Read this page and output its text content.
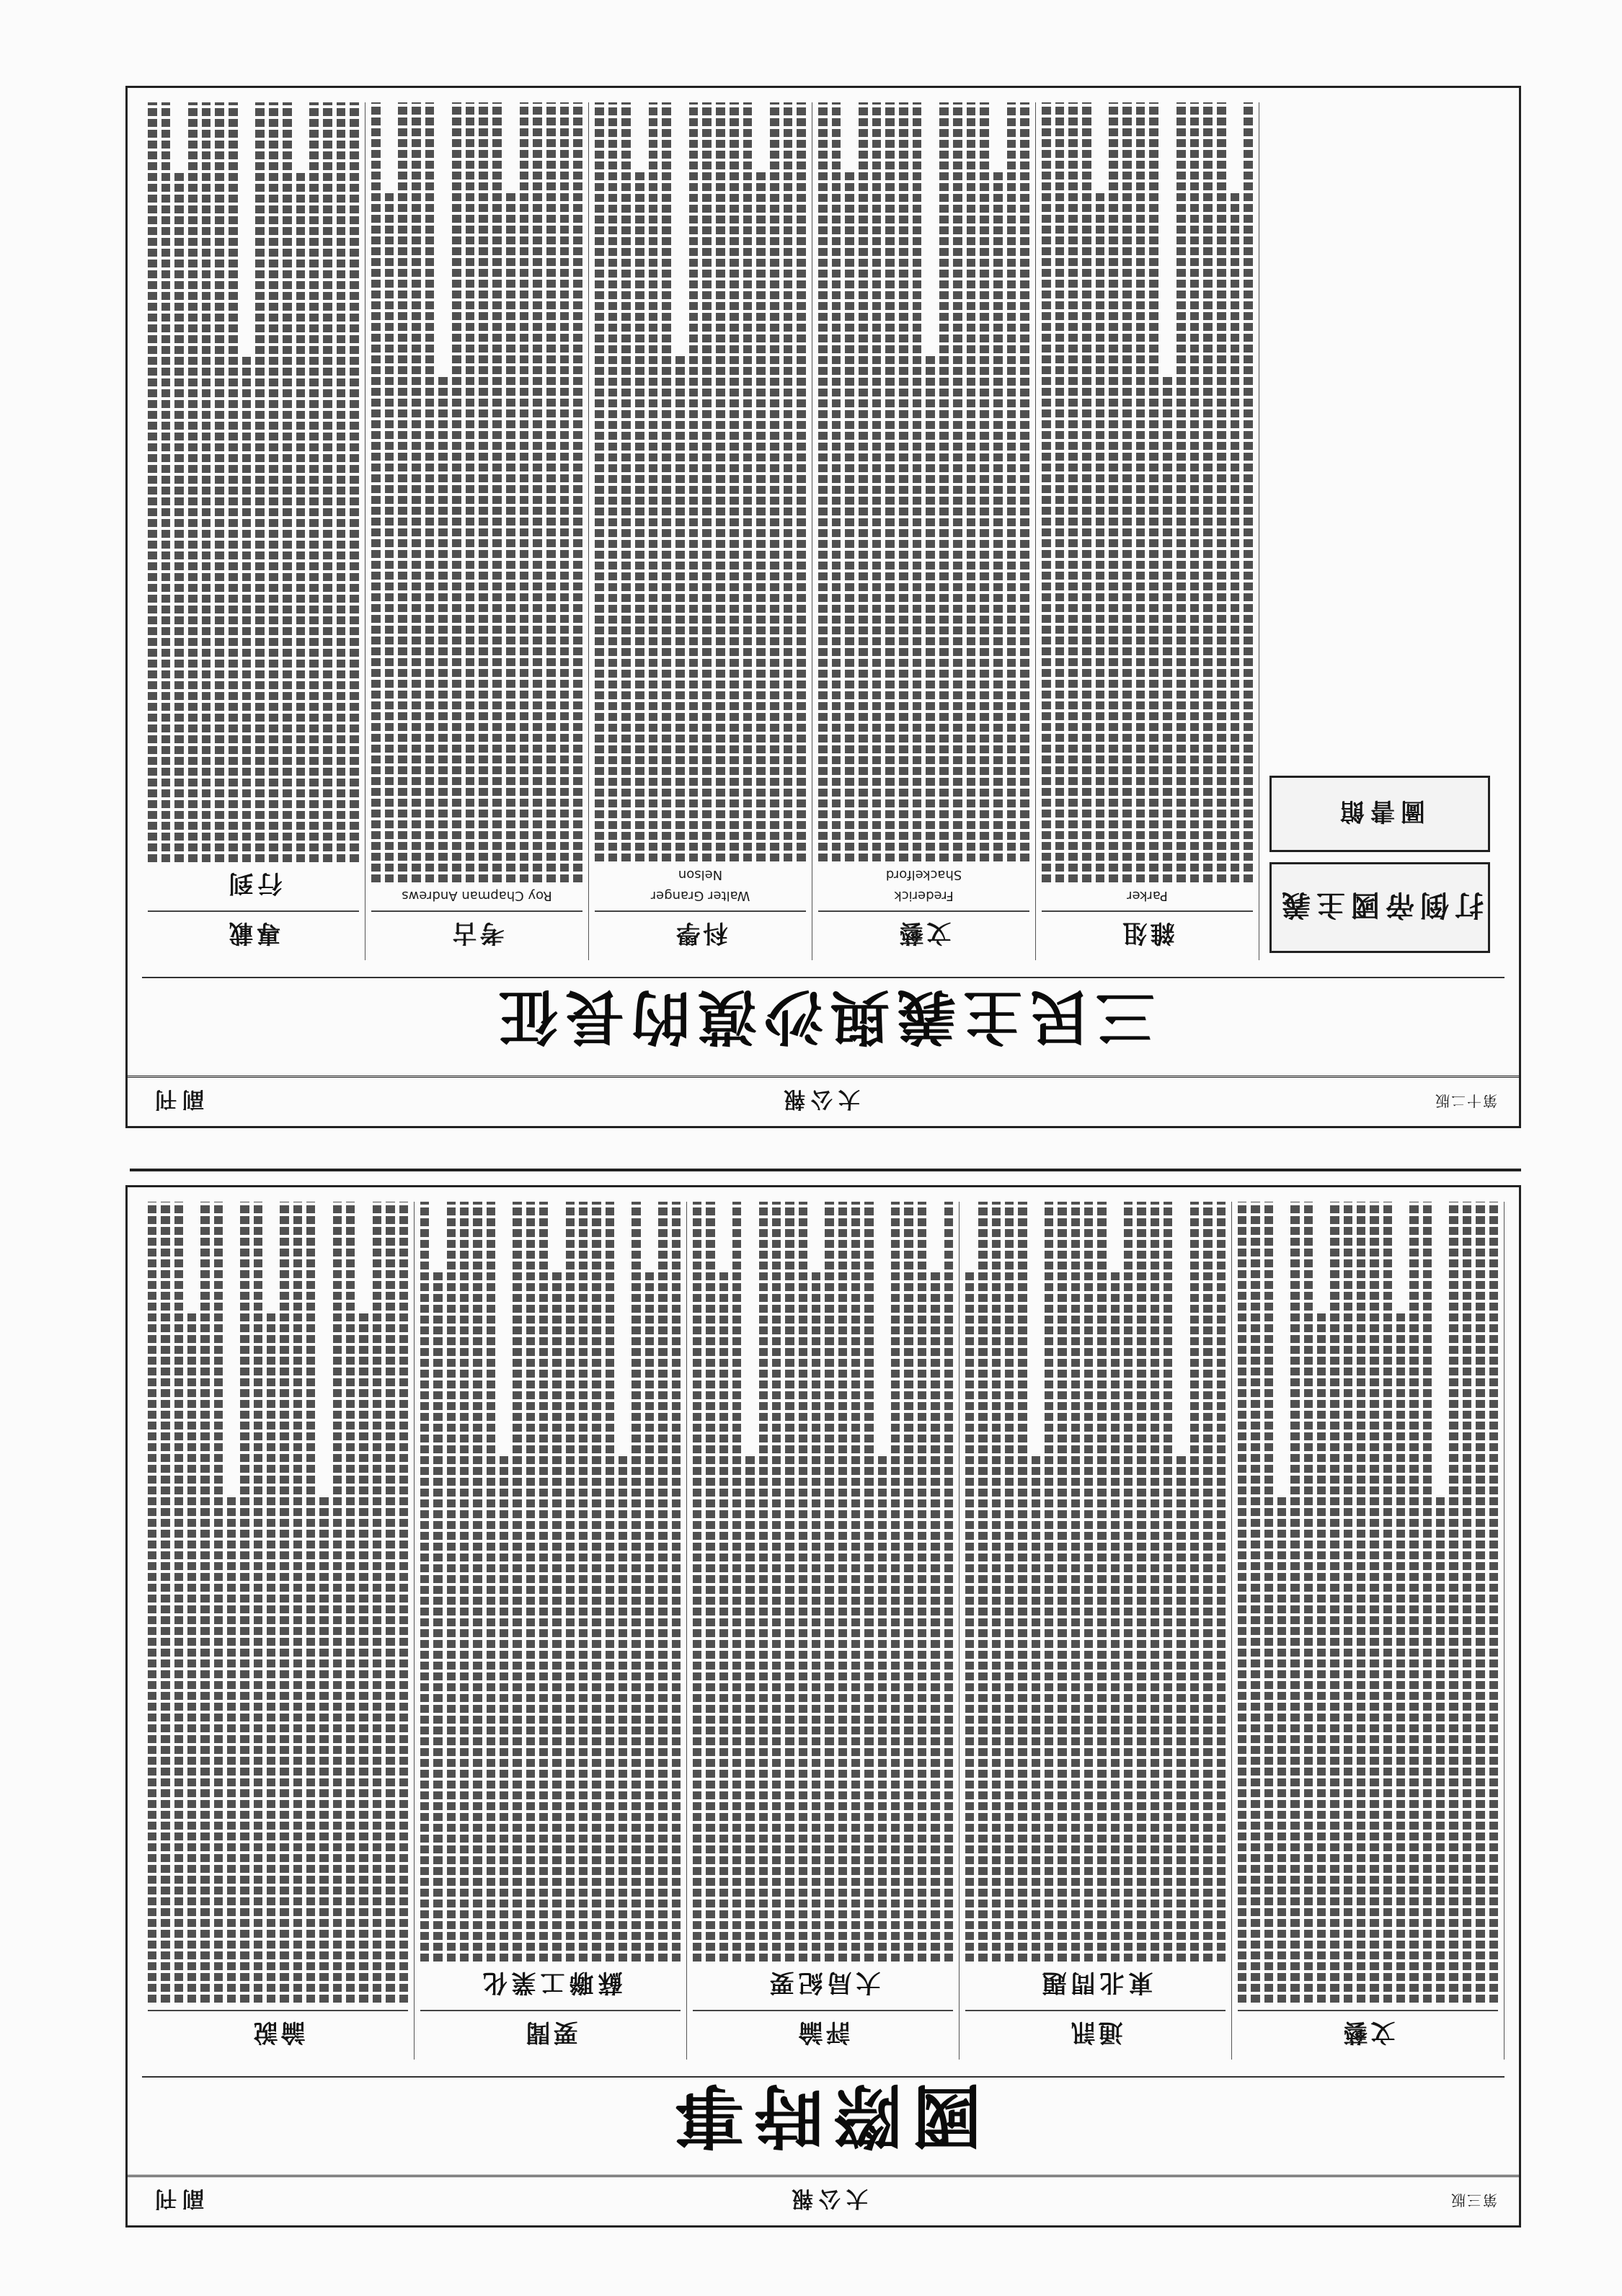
第三版
大公報
副刊
國際時事
論說	要聞
蘇聯工業化
評論
大局紀要
通訊
東北問題
文藝
第十二版
大公報
副刊
三民主義與沙漠的長征
打倒帝國主義
圖書館
專載
行到
考古
Roy Chapman Andrews
科學
Walter Granger
Nelson
文藝
Frederick
Shackelford
雜俎
Parker
